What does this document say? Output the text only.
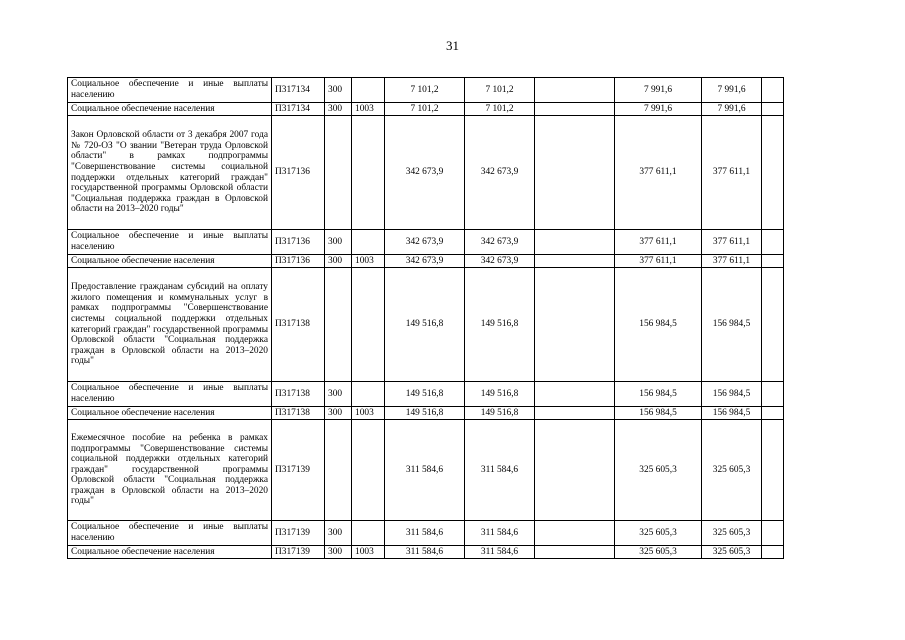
31
Социальное обеспечение и иные выплаты населению	П317134	300		7 101,2	7 101,2		7 991,6	7 991,6	
Социальное обеспечение населения	П317134	300	1003	7 101,2	7 101,2		7 991,6	7 991,6	
Закон Орловской области от 3 декабря 2007 года № 720-ОЗ "О звании "Ветеран труда Орловской области" в рамках подпрограммы "Совершенствование системы социальной поддержки отдельных категорий граждан" государственной программы Орловской области "Социальная поддержка граждан в Орловской области на 2013–2020 годы"	П317136			342 673,9	342 673,9		377 611,1	377 611,1	
Социальное обеспечение и иные выплаты населению	П317136	300		342 673,9	342 673,9		377 611,1	377 611,1	
Социальное обеспечение населения	П317136	300	1003	342 673,9	342 673,9		377 611,1	377 611,1	
Предоставление гражданам субсидий на оплату жилого помещения и коммунальных услуг в рамках подпрограммы "Совершенствование системы социальной поддержки отдельных категорий граждан" государственной программы Орловской области "Социальная поддержка граждан в Орловской области на 2013–2020 годы"	П317138			149 516,8	149 516,8		156 984,5	156 984,5	
Социальное обеспечение и иные выплаты населению	П317138	300		149 516,8	149 516,8		156 984,5	156 984,5	
Социальное обеспечение населения	П317138	300	1003	149 516,8	149 516,8		156 984,5	156 984,5	
Ежемесячное пособие на ребенка в рамках подпрограммы "Совершенствование системы социальной поддержки отдельных категорий граждан" государственной программы Орловской области "Социальная поддержка граждан в Орловской области на 2013–2020 годы"	П317139			311 584,6	311 584,6		325 605,3	325 605,3	
Социальное обеспечение и иные выплаты населению	П317139	300		311 584,6	311 584,6		325 605,3	325 605,3	
Социальное обеспечение населения	П317139	300	1003	311 584,6	311 584,6		325 605,3	325 605,3	
